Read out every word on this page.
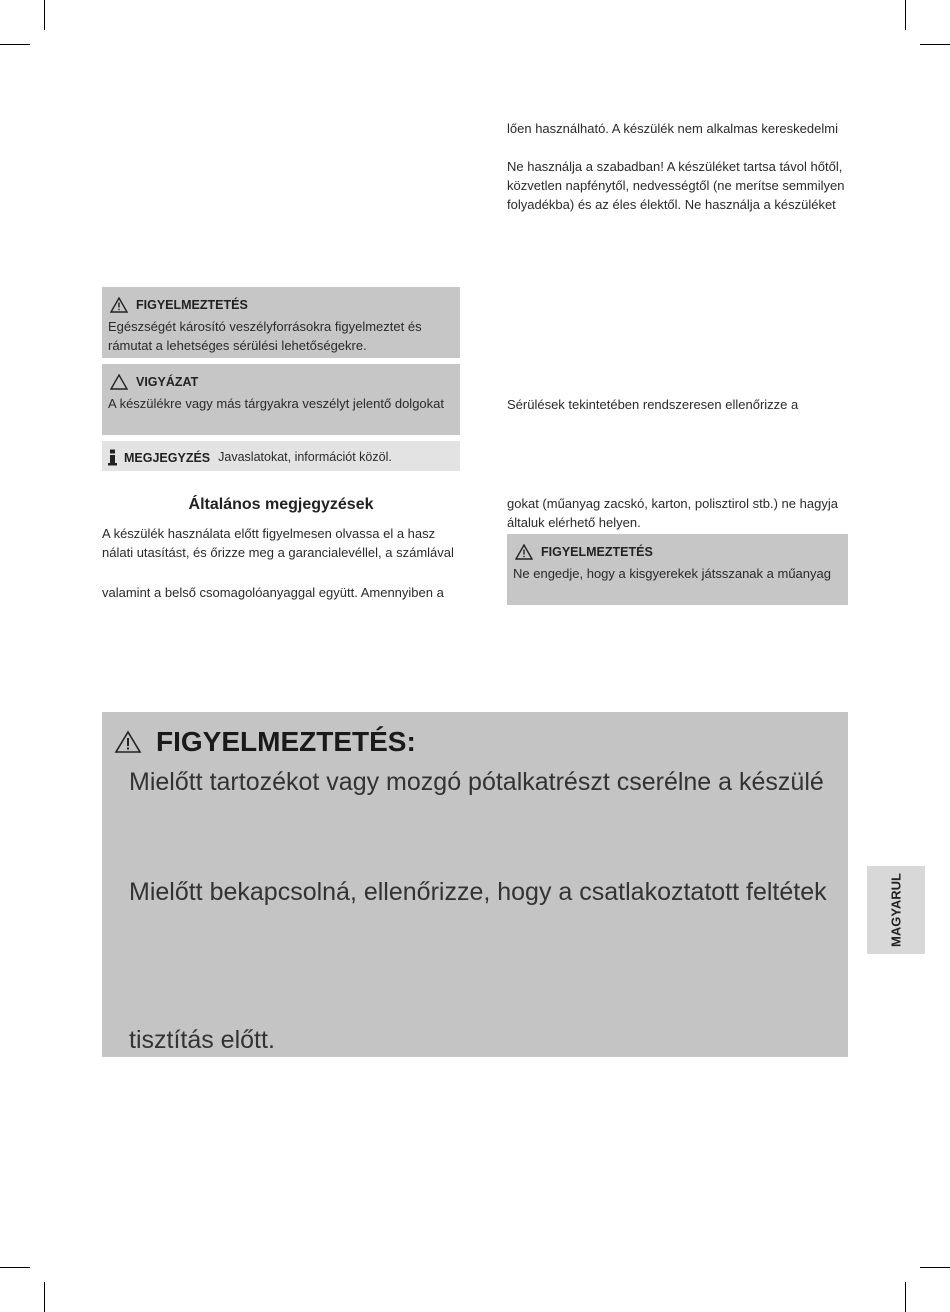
lően használható. A készülék nem alkalmas kereskedelmi
Ne használja a szabadban! A készüléket tartsa távol hőtől,
közvetlen napfénytől, nedvességtől (ne merítse semmilyen
folyadékba) és az éles élektől. Ne használja a készüléket
Sérülések tekintetében rendszeresen ellenőrizze a
gokat (műanyag zacskó, karton, polisztirol stb.) ne hagyja
általuk elérhető helyen.
FIGYELMEZTETÉS
Ne engedje, hogy a kisgyerekek játsszanak a műanyag
FIGYELMEZTETÉS
Egészségét károsító veszélyforrásokra figyelmeztet és
rámutat a lehetséges sérülési lehetőségekre.
VIGYÁZAT
A készülékre vagy más tárgyakra veszélyt jelentő dolgokat
MEGJEGYZÉS Javaslatokat, információt közöl.
Általános megjegyzések
A készülék használata előtt figyelmesen olvassa el a hasz
nálati utasítást, és őrizze meg a garancialevéllel, a számlával
valamint a belső csomagolóanyaggal együtt. Amennyiben a
FIGYELMEZTETÉS:
Mielőtt tartozékot vagy mozgó pótalkatrészt cserélne a készülé
Mielőtt bekapcsolná, ellenőrizze, hogy a csatlakoztatott feltétek
tisztítás előtt.
MAGYARUL
